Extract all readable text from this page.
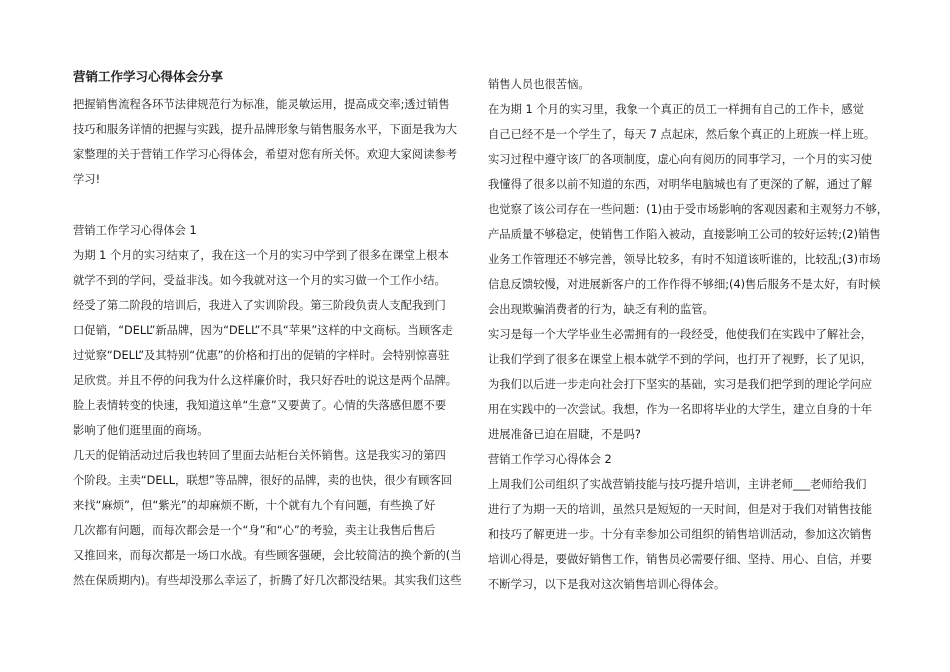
营销工作学习心得体会分享
把握销售流程各环节法律规范行为标准，能灵敏运用，提高成交率;透过销售
技巧和服务详情的把握与实践，提升品牌形象与销售服务水平，下面是我为大
家整理的关于营销工作学习心得体会，希望对您有所关怀。欢迎大家阅读参考
学习!
营销工作学习心得体会 1
为期 1 个月的实习结束了，我在这一个月的实习中学到了很多在课堂上根本
就学不到的学问，受益非浅。如今我就对这一个月的实习做一个工作小结。
经受了第二阶段的培训后，我进入了实训阶段。第三阶段负责人支配我到门
口促销，“DELL”新品牌，因为“DELL”不具“苹果”这样的中文商标。当顾客走
过觉察“DELL”及其特别“优惠”的价格和打出的促销的字样时。会特别惊喜驻
足欣赏。并且不停的问我为什么这样廉价时，我只好吞吐的说这是两个品牌。
脸上表情转变的快速，我知道这单“生意”又要黄了。心情的失落感但愿不要
影响了他们逛里面的商场。
几天的促销活动过后我也转回了里面去站柜台关怀销售。这是我实习的第四
个阶段。主卖“DELL，联想”等品牌，很好的品牌，卖的也快，很少有顾客回
来找“麻烦”，但“紫光”的却麻烦不断，十个就有九个有问题，有些换了好
几次都有问题，而每次都会是一个“身”和“心”的考验，卖主让我售后售后
又推回来，而每次都是一场口水战。有些顾客强硬，会比较简洁的换个新的(当
然在保质期内)。有些却没那么幸运了，折腾了好几次都没结果。其实我们这些
销售人员也很苦恼。
在为期 1 个月的实习里，我象一个真正的员工一样拥有自己的工作卡，感觉
自己已经不是一个学生了，每天 7 点起床，然后象个真正的上班族一样上班。
实习过程中遵守该厂的各项制度，虚心向有阅历的同事学习，一个月的实习使
我懂得了很多以前不知道的东西，对明华电脑城也有了更深的了解，通过了解
也觉察了该公司存在一些问题：(1)由于受市场影响的客观因素和主观努力不够，
产品质量不够稳定，使销售工作陷入被动，直接影响工公司的较好运转;(2)销售
业务工作管理还不够完善，领导比较多，有时不知道该听谁的，比较乱;(3)市场
信息反馈较慢，对进展新客户的工作作得不够细;(4)售后服务不是太好，有时候
会出现欺骗消费者的行为，缺乏有利的监管。
实习是每一个大学毕业生必需拥有的一段经受，他使我们在实践中了解社会，
让我们学到了很多在课堂上根本就学不到的学问，也打开了视野，长了见识，
为我们以后进一步走向社会打下坚实的基础，实习是我们把学到的理论学问应
用在实践中的一次尝试。我想，作为一名即将毕业的大学生，建立自身的十年
进展准备已迫在眉睫，不是吗?
营销工作学习心得体会 2
上周我们公司组织了实战营销技能与技巧提升培训，主讲老师___老师给我们
进行了为期一天的培训，虽然只是短短的一天时间，但是对于我们对销售技能
和技巧了解更进一步。十分有幸参加公司组织的销售培训活动，参加这次销售
培训心得是，要做好销售工作，销售员必需要仔细、坚持、用心、自信，并要
不断学习，以下是我对这次销售培训心得体会。
